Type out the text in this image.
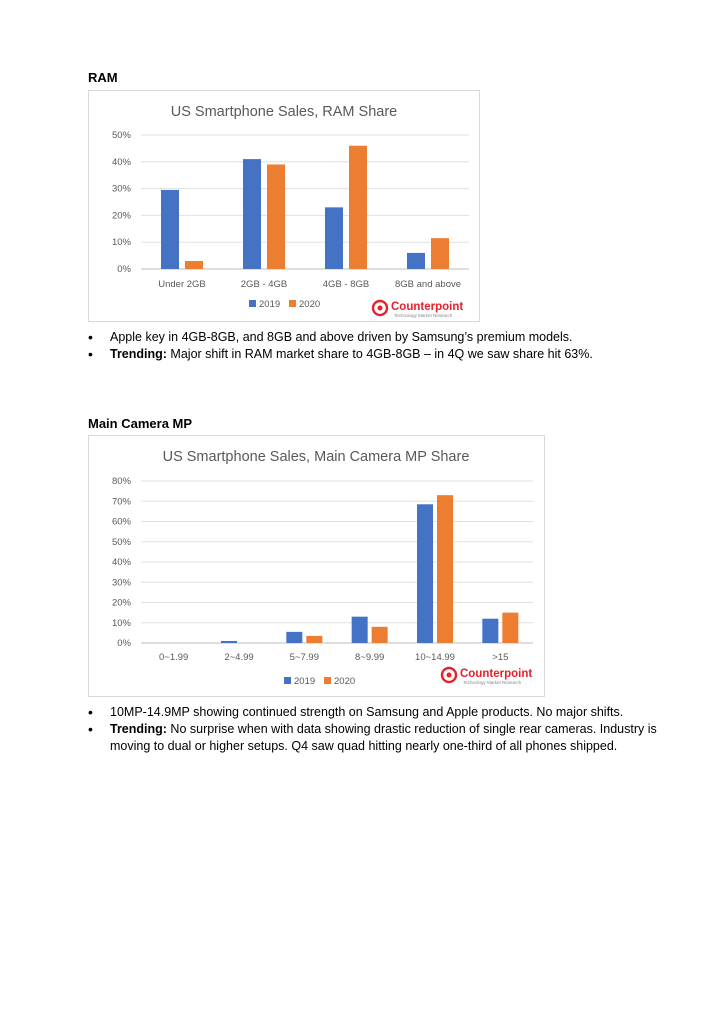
RAM
US Smartphone Sales, RAM Share
0%
10%
20%
30%
40%
50%
Under 2GB	2GB - 4GB	4GB - 8GB	8GB and above
2019 2020	Counterpoint
Technology Market Research
• Apple key in 4GB-8GB, and 8GB and above driven by Samsung’s premium models.
• Trending: Major shift in RAM market share to 4GB-8GB – in 4Q we saw share hit 63%.
Main Camera MP
US Smartphone Sales, Main Camera MP Share
0%
10%
20%
30%
40%
50%
60%
70%
80%
0~1.99	2~4.99	5~7.99	8~9.99	10~14.99	>15
2019 2020
Counterpoint
Technology Market Research
• 10MP-14.9MP showing continued strength on Samsung and Apple products. No major shifts.
• Trending: No surprise when with data showing drastic reduction of single rear cameras. Industry is moving to dual or higher setups. Q4 saw quad hitting nearly one-third of all phones shipped.
